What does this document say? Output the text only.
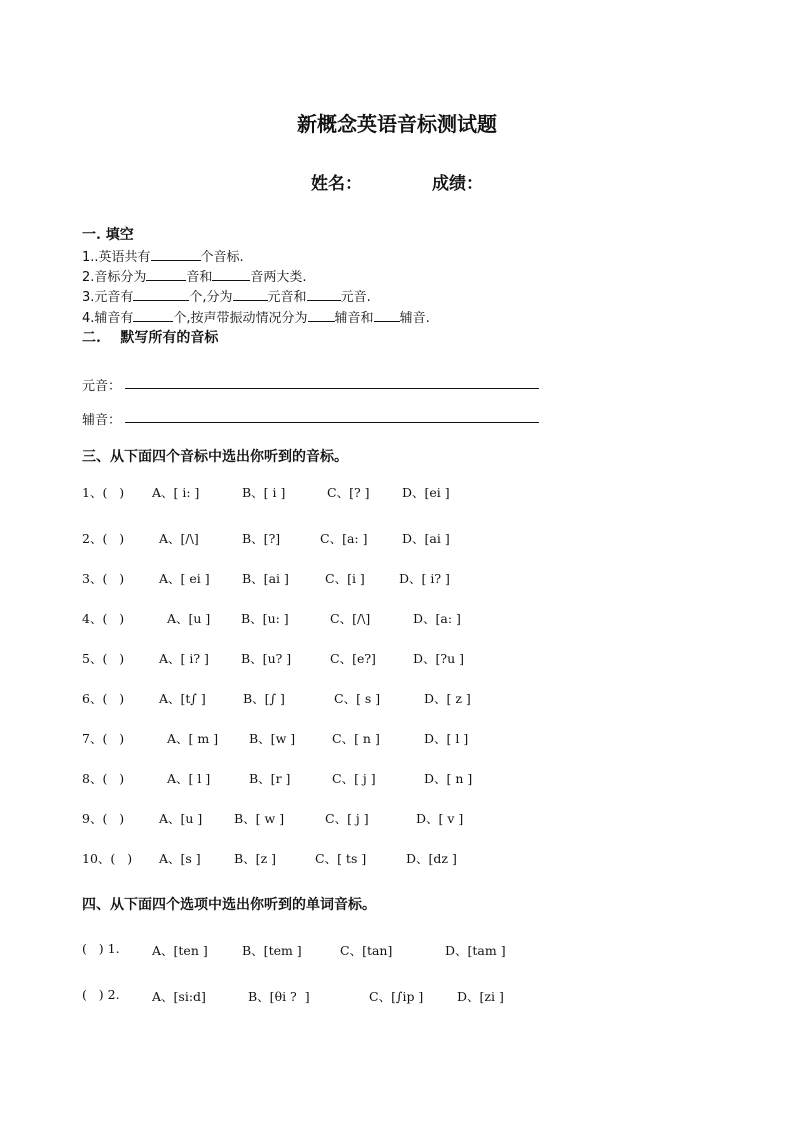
新概念英语音标测试题
姓名：	成绩：
一. 填空
1..英语共有	个音标.
2.音标分为	音和	音两大类.
3.元音有	个,分为	元音和	元音.
4.辅音有	个,按声带振动情况分为 辅音和 辅音.
二.    默写所有的音标
元音：
辅音：
三、从下面四个音标中选出你听到的音标。
1、(   ) A、[ i: ]	B、[ i ]	C、[? ]	D、[ei ]
2、(   )	A、[/\]	B、[?]	C、[a: ]	D、[ai ]
3、(   )	A、[ ei ]	B、[ai ]	C、[i ]	D、[ i? ]
4、(   )	A、[u ] B、[u: ]	C、[/\]	D、[a: ]
5、(   )	A、[ i? ]	B、[u? ]	C、[e?]	D、[?u ]
6、(   )	A、[t∫ ]	B、[∫ ]	C、[ s ]	D、[ z ]
7、(   )	A、[ m ] B、[w ]	C、[ n ]	D、[ l ]
8、(   )	A、[ l ]	B、[r ]	C、[ j ]	D、[ n ]
9、(   )	A、[u ]	B、[ w ]	C、[ j ]	D、[ v ]
10、(   ) A、[s ]	B、[z ]	C、[ ts ]	D、[dz ]
四、从下面四个选项中选出你听到的单词音标。
(   ) 1.	A、[ten ]	B、[tem ]	C、[tan]	D、[tam ]
(   ) 2.	A、[si:d]	B、[θi ?  ]	C、[∫ip ]	D、[zi ]
